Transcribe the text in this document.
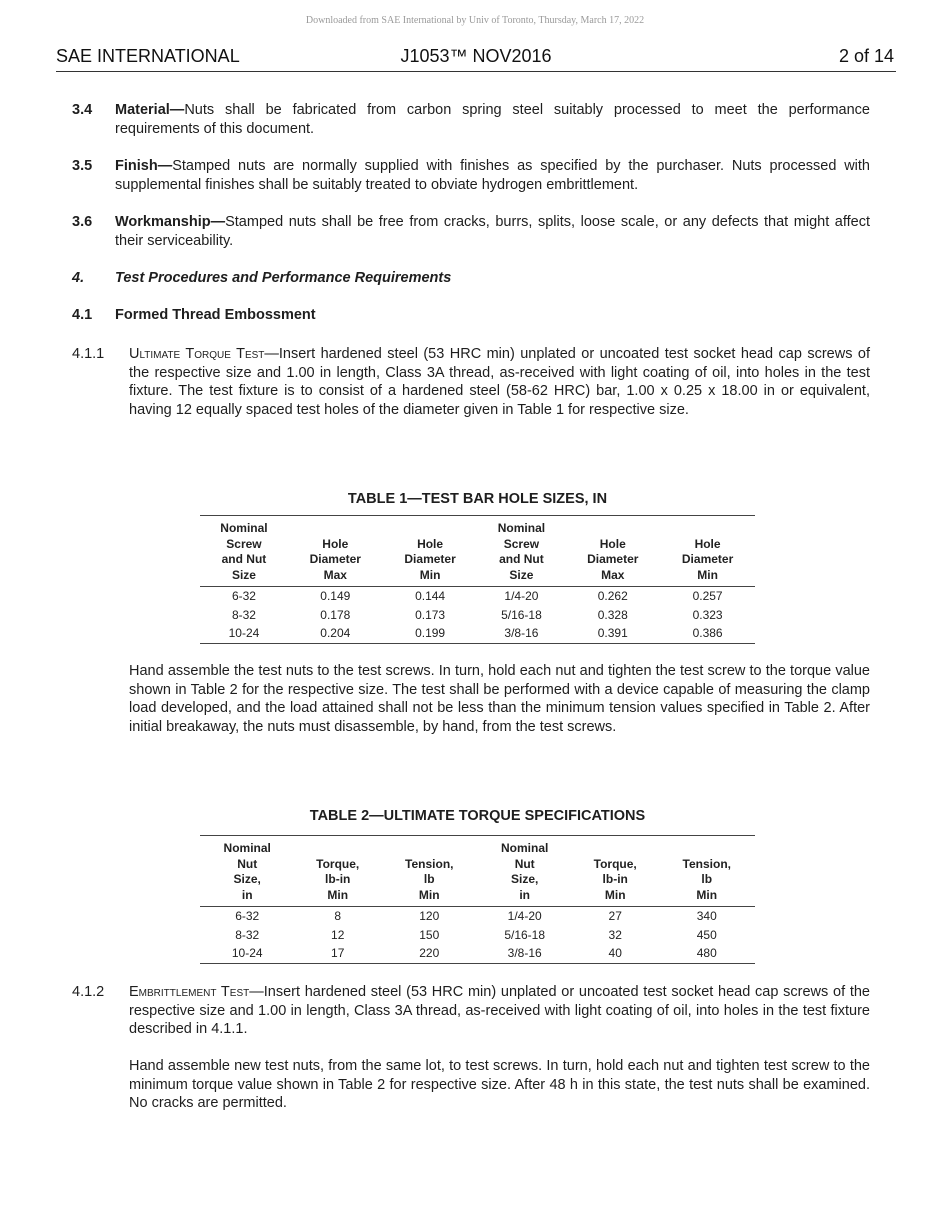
Downloaded from SAE International by Univ of Toronto, Thursday, March 17, 2022
SAE INTERNATIONAL	J1053™ NOV2016	2 of 14
3.4 Material—Nuts shall be fabricated from carbon spring steel suitably processed to meet the performance requirements of this document.
3.5 Finish—Stamped nuts are normally supplied with finishes as specified by the purchaser. Nuts processed with supplemental finishes shall be suitably treated to obviate hydrogen embrittlement.
3.6 Workmanship—Stamped nuts shall be free from cracks, burrs, splits, loose scale, or any defects that might affect their serviceability.
4. Test Procedures and Performance Requirements
4.1 Formed Thread Embossment
4.1.1 Ultimate Torque Test—Insert hardened steel (53 HRC min) unplated or uncoated test socket head cap screws of the respective size and 1.00 in length, Class 3A thread, as-received with light coating of oil, into holes in the test fixture. The test fixture is to consist of a hardened steel (58-62 HRC) bar, 1.00 x 0.25 x 18.00 in or equivalent, having 12 equally spaced test holes of the diameter given in Table 1 for respective size.
TABLE 1—TEST BAR HOLE SIZES, IN
Nominal
Screw
and Nut
Size	Hole
Diameter
Max	Hole
Diameter
Min	Nominal
Screw
and Nut
Size	Hole
Diameter
Max	Hole
Diameter
Min

6-32	0.149	0.144	1/4-20	0.262	0.257
8-32	0.178	0.173	5/16-18	0.328	0.323
10-24	0.204	0.199	3/8-16	0.391	0.386
Hand assemble the test nuts to the test screws. In turn, hold each nut and tighten the test screw to the torque value shown in Table 2 for the respective size. The test shall be performed with a device capable of measuring the clamp load developed, and the load attained shall not be less than the minimum tension values specified in Table 2. After initial breakaway, the nuts must disassemble, by hand, from the test screws.
TABLE 2—ULTIMATE TORQUE SPECIFICATIONS
Nominal
Nut
Size,
in	Torque,
lb-in
Min	Tension,
lb
Min	Nominal
Nut
Size,
in	Torque,
lb-in
Min	Tension,
lb
Min

6-32	8	120	1/4-20	27	340
8-32	12	150	5/16-18	32	450
10-24	17	220	3/8-16	40	480
4.1.2 Embrittlement Test—Insert hardened steel (53 HRC min) unplated or uncoated test socket head cap screws of the respective size and 1.00 in length, Class 3A thread, as-received with light coating of oil, into holes in the test fixture described in 4.1.1.
Hand assemble new test nuts, from the same lot, to test screws. In turn, hold each nut and tighten test screw to the minimum torque value shown in Table 2 for respective size. After 48 h in this state, the test nuts shall be examined. No cracks are permitted.
